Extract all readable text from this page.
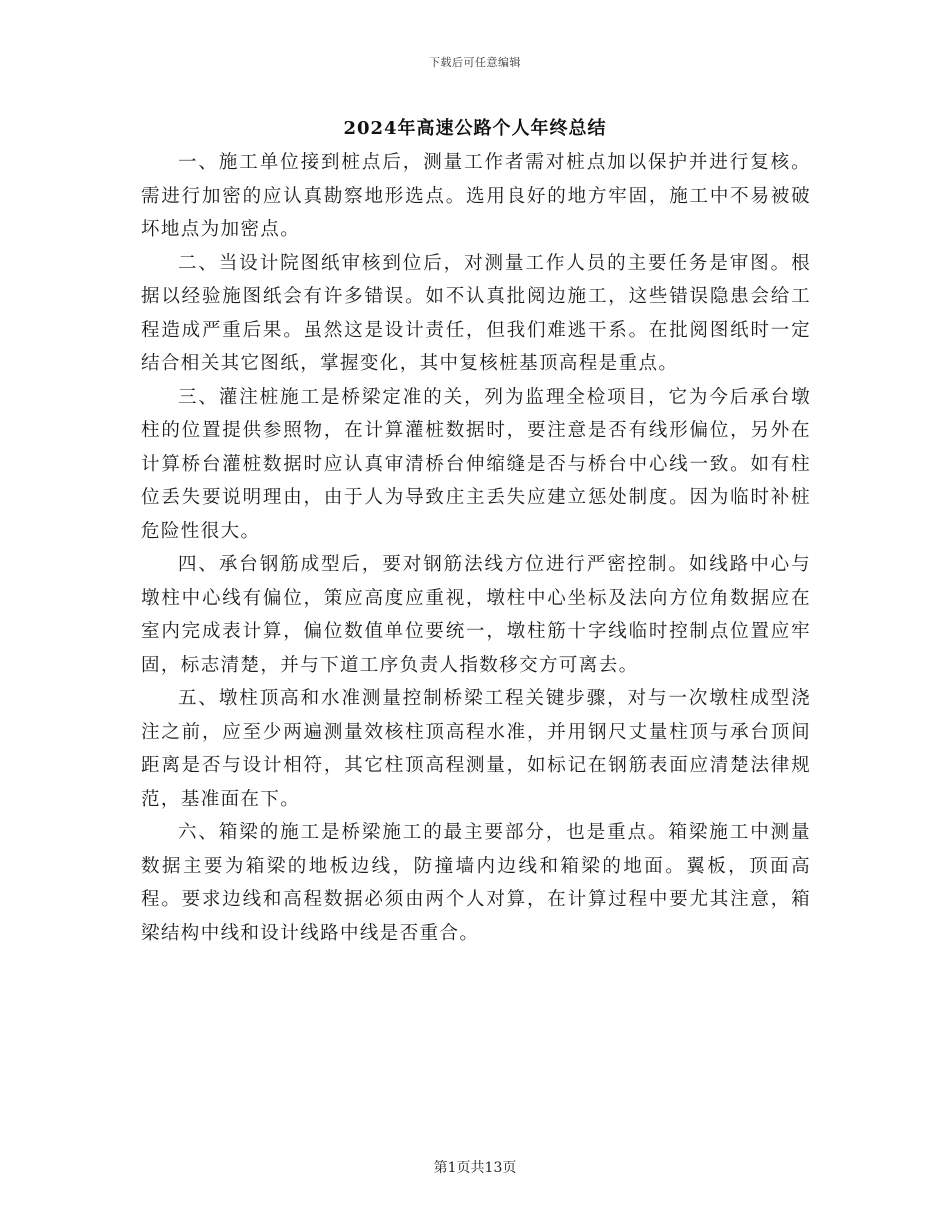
下载后可任意编辑
2024年高速公路个人年终总结

一、施工单位接到桩点后，测量工作者需对桩点加以保护并进行复核。需进行加密的应认真勘察地形选点。选用良好的地方牢固，施工中不易被破坏地点为加密点。

二、当设计院图纸审核到位后，对测量工作人员的主要任务是审图。根据以经验施图纸会有许多错误。如不认真批阅边施工，这些错误隐患会给工程造成严重后果。虽然这是设计责任，但我们难逃干系。在批阅图纸时一定结合相关其它图纸，掌握变化，其中复核桩基顶高程是重点。

三、灌注桩施工是桥梁定准的关，列为监理全检项目，它为今后承台墩柱的位置提供参照物，在计算灌桩数据时，要注意是否有线形偏位，另外在计算桥台灌桩数据时应认真审清桥台伸缩缝是否与桥台中心线一致。如有柱位丢失要说明理由，由于人为导致庄主丢失应建立惩处制度。因为临时补桩危险性很大。

四、承台钢筋成型后，要对钢筋法线方位进行严密控制。如线路中心与墩柱中心线有偏位，策应高度应重视，墩柱中心坐标及法向方位角数据应在室内完成表计算，偏位数值单位要统一，墩柱筋十字线临时控制点位置应牢固，标志清楚，并与下道工序负责人指数移交方可离去。

五、墩柱顶高和水准测量控制桥梁工程关键步骤，对与一次墩柱成型浇注之前，应至少两遍测量效核柱顶高程水准，并用钢尺丈量柱顶与承台顶间距离是否与设计相符，其它柱顶高程测量，如标记在钢筋表面应清楚法律规范，基准面在下。

六、箱梁的施工是桥梁施工的最主要部分，也是重点。箱梁施工中测量数据主要为箱梁的地板边线，防撞墙内边线和箱梁的地面。翼板，顶面高程。要求边线和高程数据必须由两个人对算，在计算过程中要尤其注意，箱梁结构中线和设计线路中线是否重合。

第1页共13页
